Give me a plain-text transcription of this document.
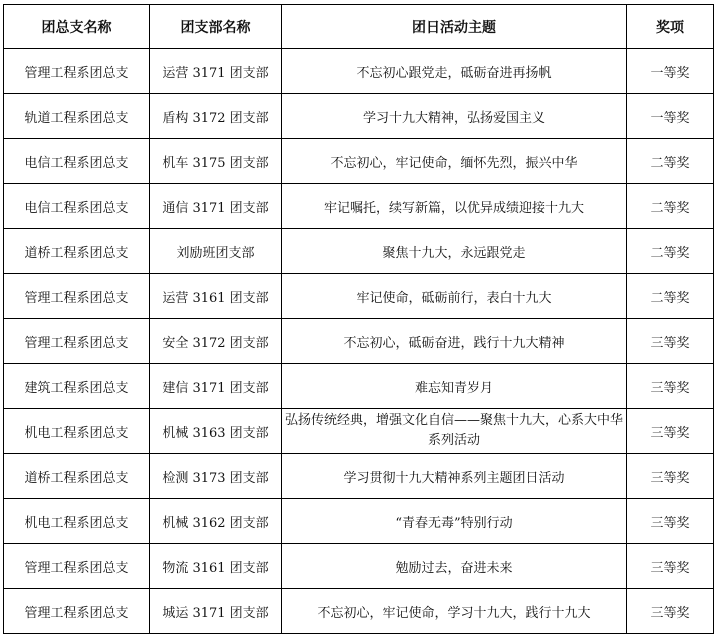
团总支名称	团支部名称	团日活动主题	奖项
管理工程系团总支	运营 3171 团支部	不忘初心跟党走，砥砺奋进再扬帆	一等奖
轨道工程系团总支	盾构 3172 团支部	学习十九大精神，弘扬爱国主义	一等奖
电信工程系团总支	机车 3175 团支部	不忘初心，牢记使命，缅怀先烈，振兴中华	二等奖
电信工程系团总支	通信 3171 团支部	牢记嘱托，续写新篇，以优异成绩迎接十九大	二等奖
道桥工程系团总支	刘励班团支部	聚焦十九大，永远跟党走	二等奖
管理工程系团总支	运营 3161 团支部	牢记使命，砥砺前行，表白十九大	二等奖
管理工程系团总支	安全 3172 团支部	不忘初心，砥砺奋进，践行十九大精神	三等奖
建筑工程系团总支	建信 3171 团支部	难忘知青岁月	三等奖
机电工程系团总支	机械 3163 团支部	弘扬传统经典，增强文化自信——聚焦十九大，心系大中华系列活动	三等奖
道桥工程系团总支	检测 3173 团支部	学习贯彻十九大精神系列主题团日活动	三等奖
机电工程系团总支	机械 3162 团支部	“青春无毒”特别行动	三等奖
管理工程系团总支	物流 3161 团支部	勉励过去，奋进未来	三等奖
管理工程系团总支	城运 3171 团支部	不忘初心，牢记使命，学习十九大，践行十九大	三等奖
